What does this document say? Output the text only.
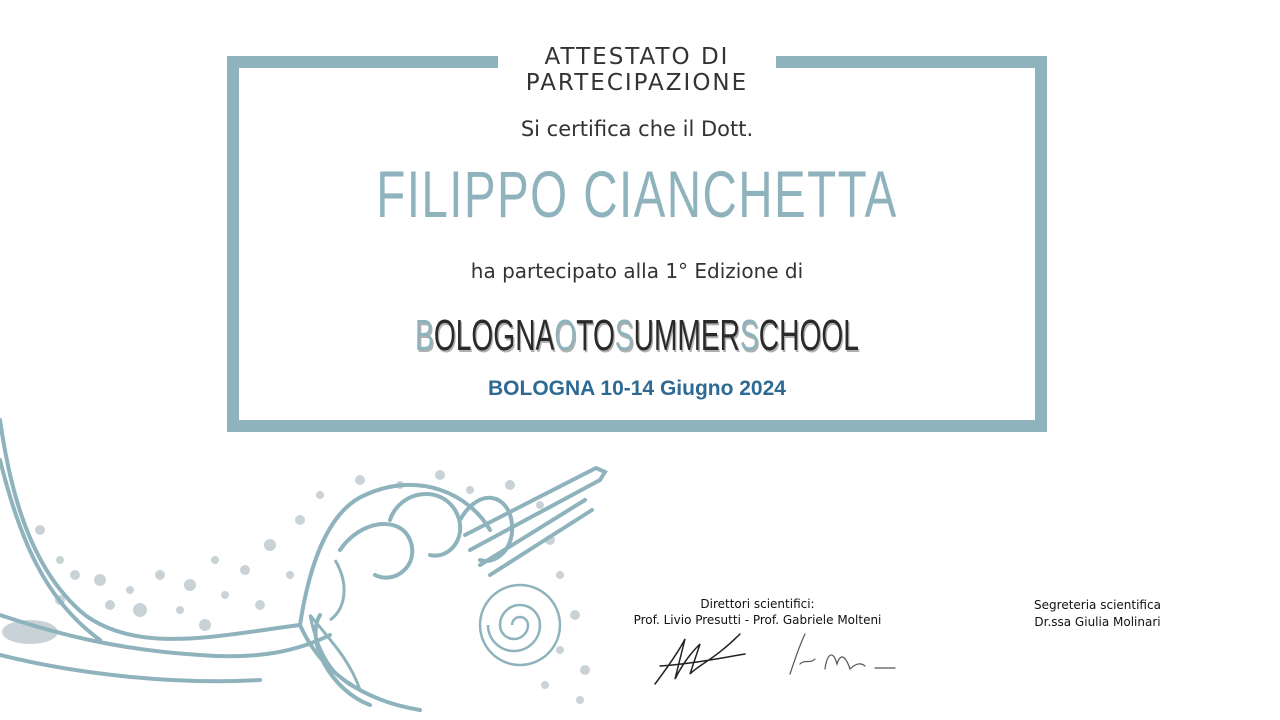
ATTESTATO DI
PARTECIPAZIONE
Si certifica che il Dott.
FILIPPO CIANCHETTA
ha partecipato alla 1° Edizione di
BOLOGNAOTOSUMMERSCHOOL
BOLOGNA 10-14 Giugno 2024
Direttori scientifici:
Prof. Livio Presutti - Prof. Gabriele Molteni
Segreteria scientifica
Dr.ssa Giulia Molinari
